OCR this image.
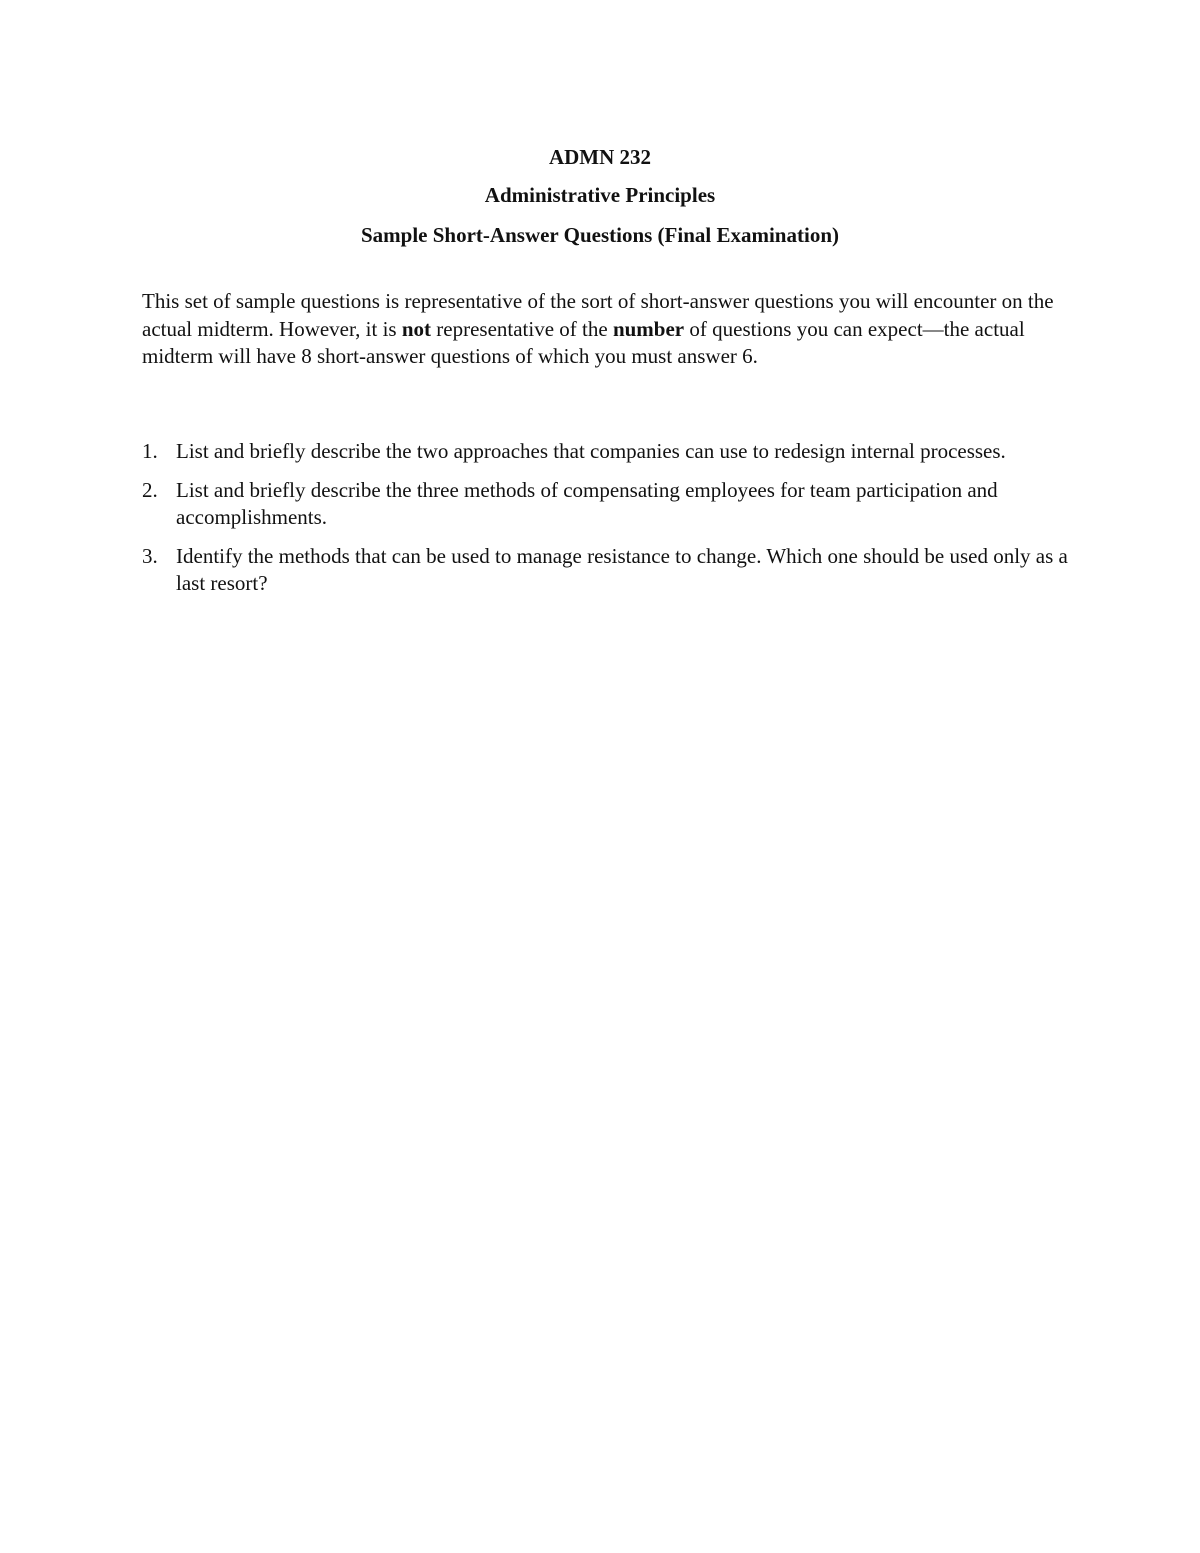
ADMN 232
Administrative Principles
Sample Short-Answer Questions (Final Examination)

This set of sample questions is representative of the sort of short-answer questions you will encounter on the actual midterm. However, it is not representative of the number of questions you can expect—the actual midterm will have 8 short-answer questions of which you must answer 6.

1. List and briefly describe the two approaches that companies can use to redesign internal processes.
2. List and briefly describe the three methods of compensating employees for team participation and accomplishments.
3. Identify the methods that can be used to manage resistance to change. Which one should be used only as a last resort?
